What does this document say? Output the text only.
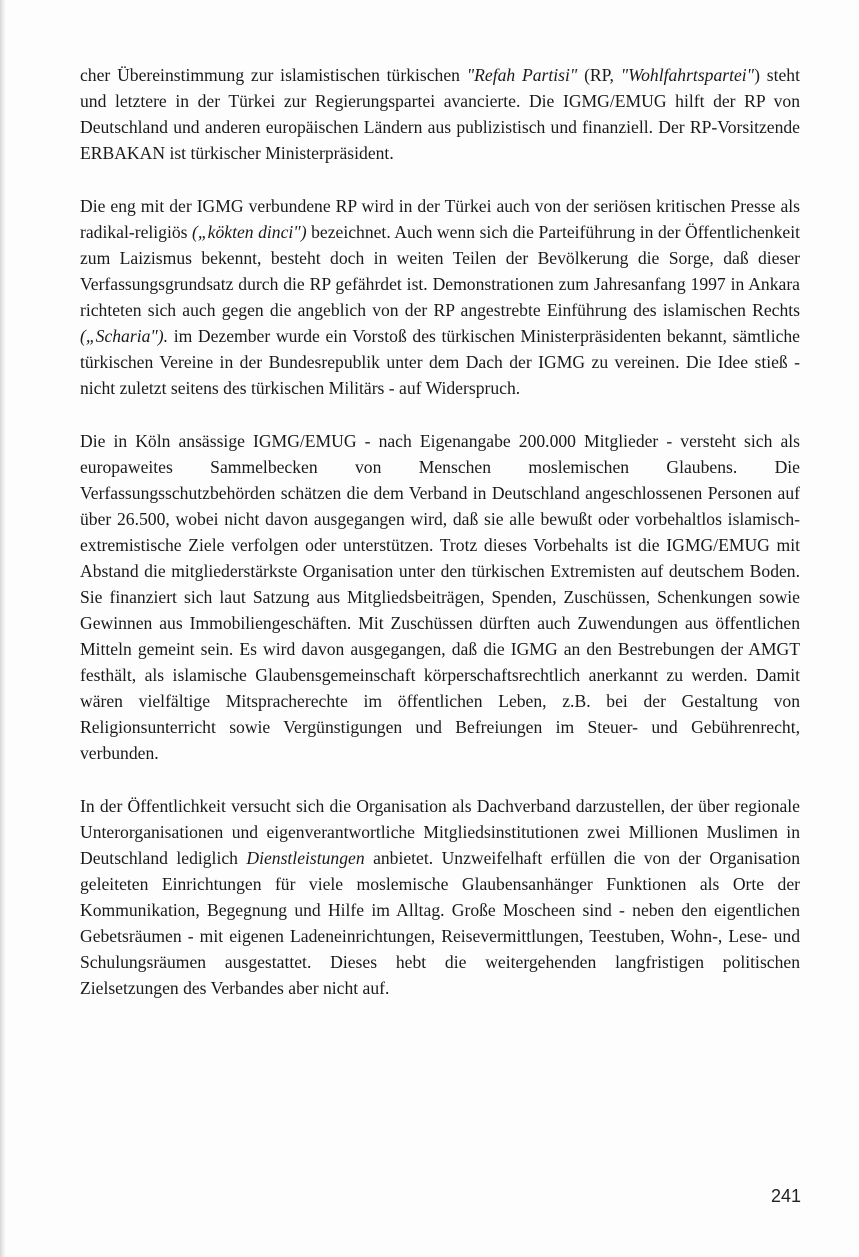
cher Übereinstimmung zur islamistischen türkischen "Refah Partisi" (RP, "Wohlfahrtspartei") steht und letztere in der Türkei zur Regierungspartei avancierte. Die IGMG/EMUG hilft der RP von Deutschland und anderen europäischen Ländern aus publizistisch und finanziell. Der RP-Vorsitzende ERBAKAN ist türkischer Ministerpräsident.

Die eng mit der IGMG verbundene RP wird in der Türkei auch von der seriösen kritischen Presse als radikal-religiös („kökten dinci") bezeichnet. Auch wenn sich die Parteiführung in der Öffentlichenkeit zum Laizismus bekennt, besteht doch in weiten Teilen der Bevölkerung die Sorge, daß dieser Verfassungsgrundsatz durch die RP gefährdet ist. Demonstrationen zum Jahresanfang 1997 in Ankara richteten sich auch gegen die angeblich von der RP angestrebte Einführung des islamischen Rechts („Scharia"). im Dezember wurde ein Vorstoß des türkischen Ministerpräsidenten bekannt, sämtliche türkischen Vereine in der Bundesrepublik unter dem Dach der IGMG zu vereinen. Die Idee stieß - nicht zuletzt seitens des türkischen Militärs - auf Widerspruch.

Die in Köln ansässige IGMG/EMUG - nach Eigenangabe 200.000 Mitglieder - versteht sich als europaweites Sammelbecken von Menschen moslemischen Glaubens. Die Verfassungsschutzbehörden schätzen die dem Verband in Deutschland angeschlossenen Personen auf über 26.500, wobei nicht davon ausgegangen wird, daß sie alle bewußt oder vorbehaltlos islamisch-extremistische Ziele verfolgen oder unterstützen. Trotz dieses Vorbehalts ist die IGMG/EMUG mit Abstand die mitgliederstärkste Organisation unter den türkischen Extremisten auf deutschem Boden. Sie finanziert sich laut Satzung aus Mitgliedsbeiträgen, Spenden, Zuschüssen, Schenkungen sowie Gewinnen aus Immobiliengeschäften. Mit Zuschüssen dürften auch Zuwendungen aus öffentlichen Mitteln gemeint sein. Es wird davon ausgegangen, daß die IGMG an den Bestrebungen der AMGT festhält, als islamische Glaubensgemeinschaft körperschaftsrechtlich anerkannt zu werden. Damit wären vielfältige Mitspracherechte im öffentlichen Leben, z.B. bei der Gestaltung von Religionsunterricht sowie Vergünstigungen und Befreiungen im Steuer- und Gebührenrecht, verbunden.

In der Öffentlichkeit versucht sich die Organisation als Dachverband darzustellen, der über regionale Unterorganisationen und eigenverantwortliche Mitgliedsinstitutionen zwei Millionen Muslimen in Deutschland lediglich Dienstleistungen anbietet. Unzweifelhaft erfüllen die von der Organisation geleiteten Einrichtungen für viele moslemische Glaubensanhänger Funktionen als Orte der Kommunikation, Begegnung und Hilfe im Alltag. Große Moscheen sind - neben den eigentlichen Gebetsräumen - mit eigenen Ladeneinrichtungen, Reisevermittlungen, Teestuben, Wohn-, Lese- und Schulungsräumen ausgestattet. Dieses hebt die weitergehenden langfristigen politischen Zielsetzungen des Verbandes aber nicht auf.

241
